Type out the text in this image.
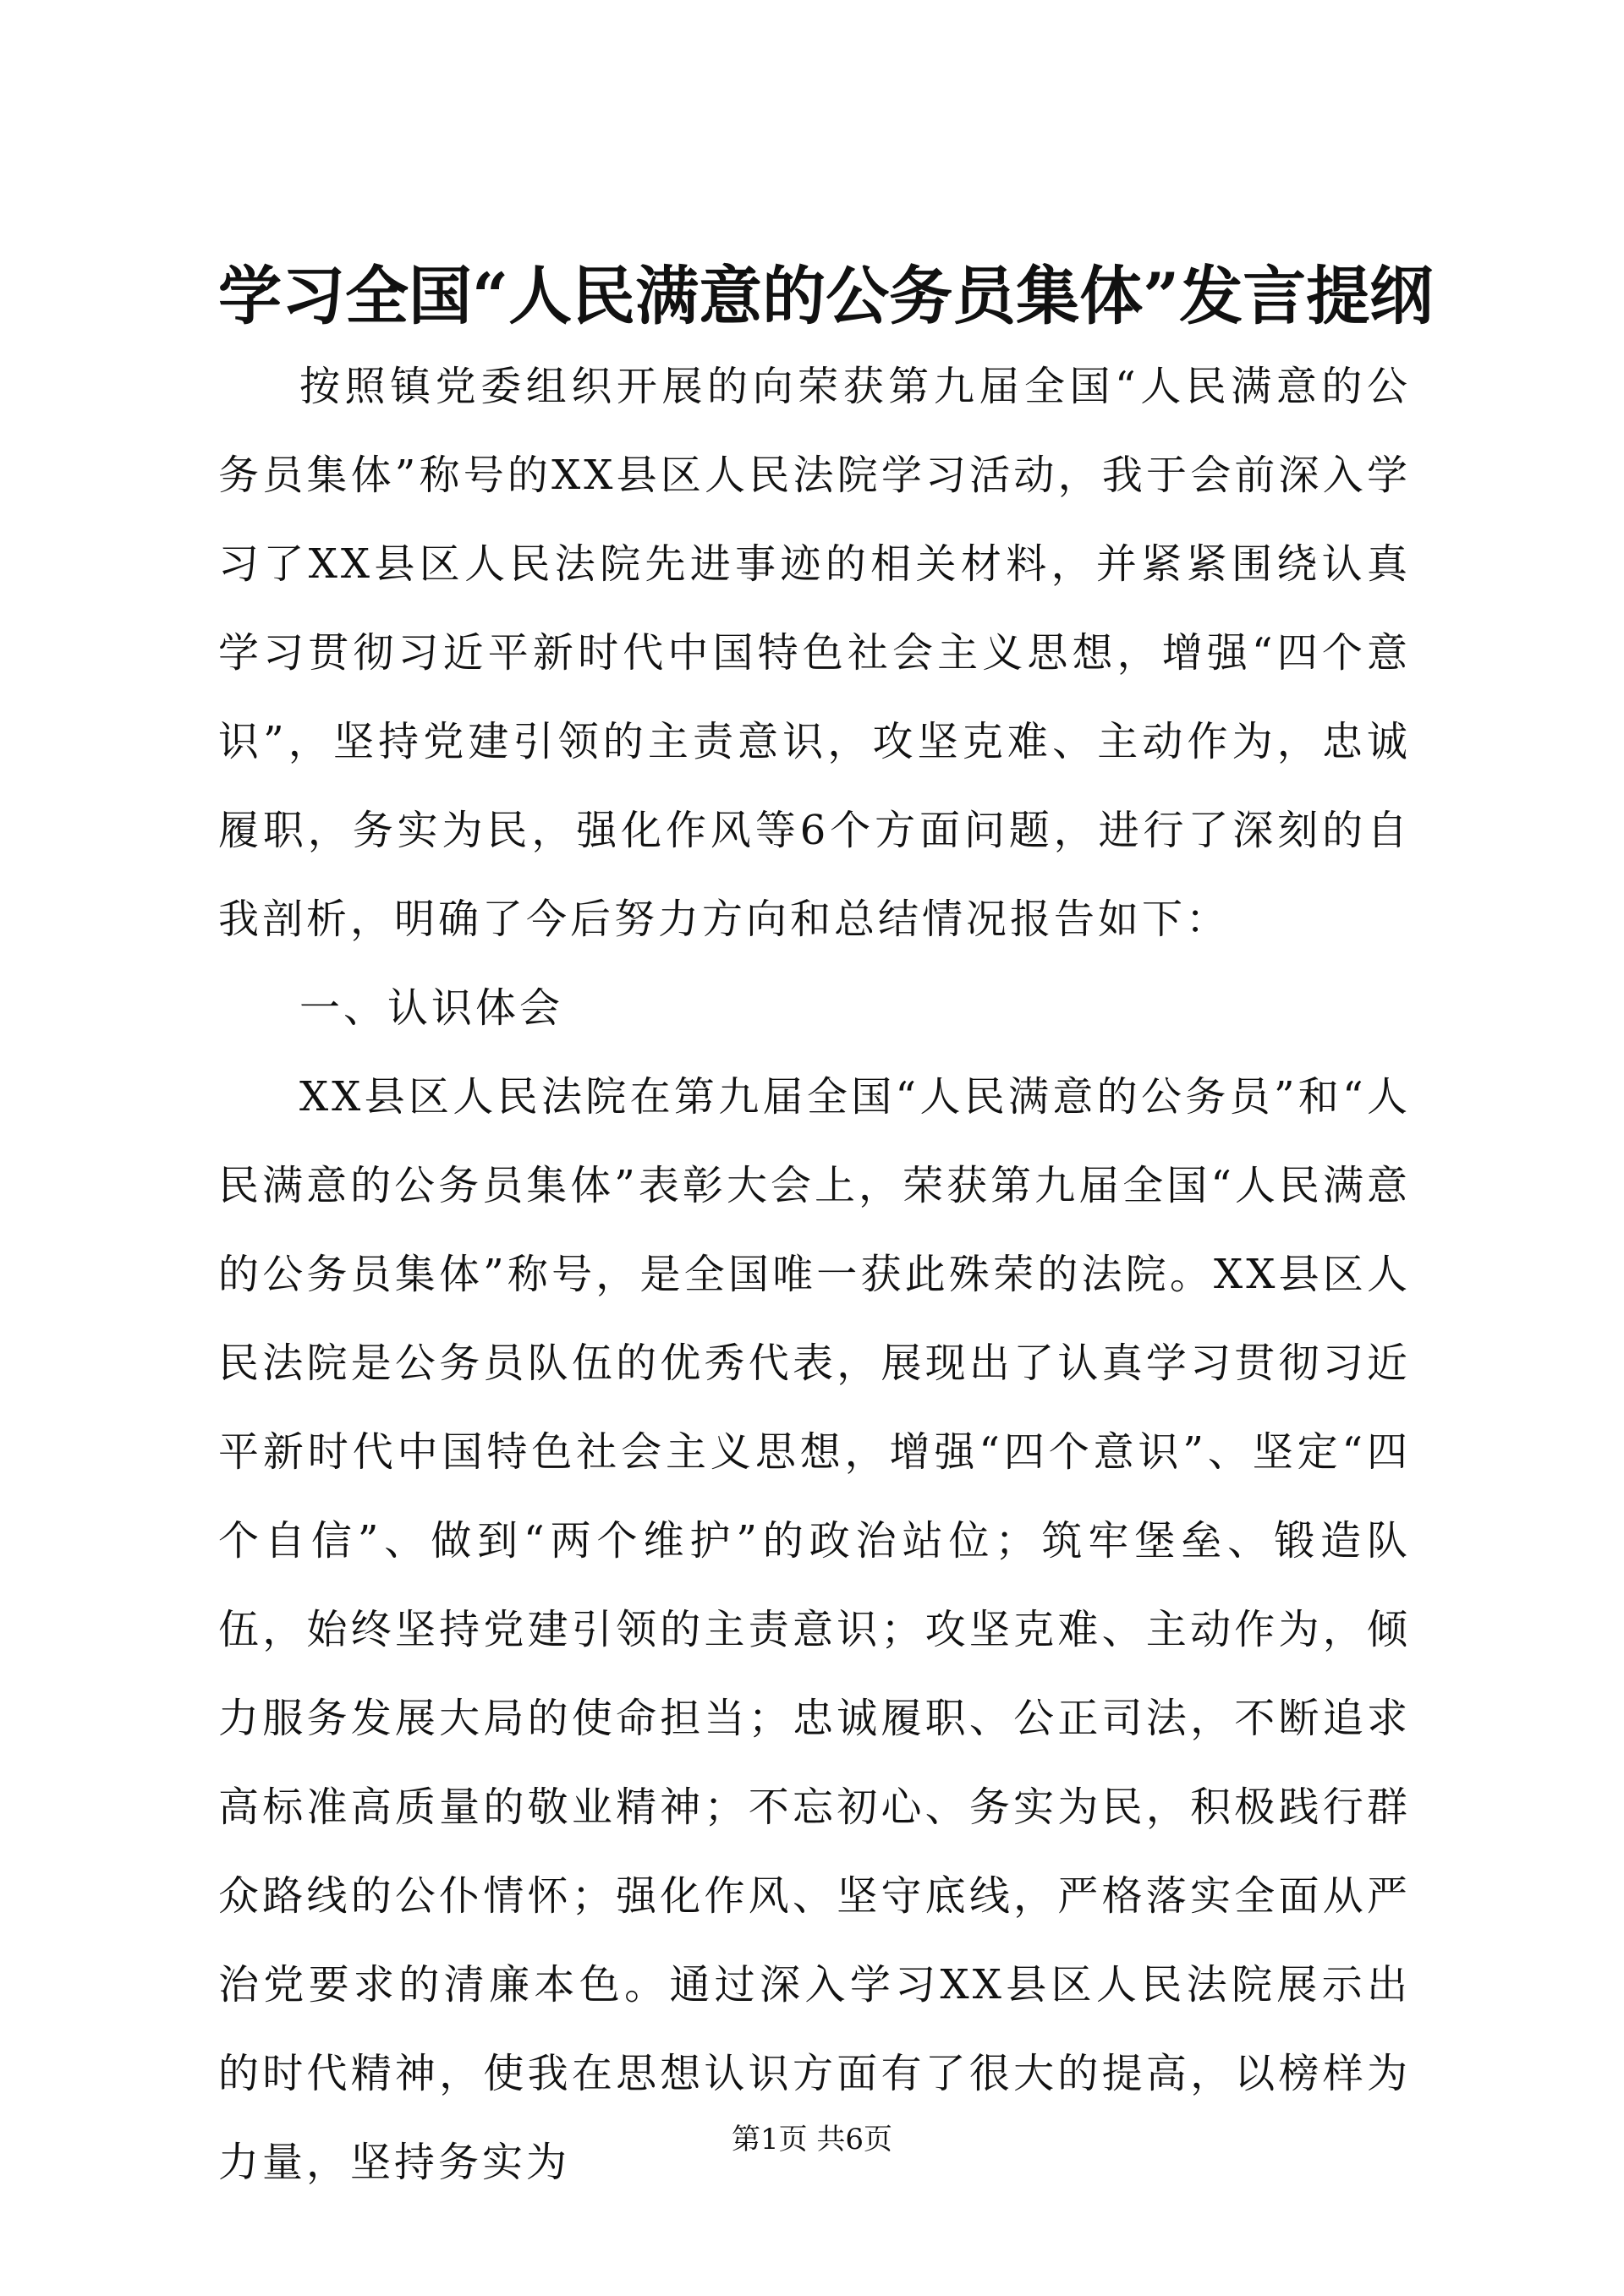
学习全国“人民满意的公务员集体”发言提纲

按照镇党委组织开展的向荣获第九届全国“人民满意的公务员集体”称号的XX县区人民法院学习活动，我于会前深入学习了XX县区人民法院先进事迹的相关材料，并紧紧围绕认真学习贯彻习近平新时代中国特色社会主义思想，增强“四个意识”，坚持党建引领的主责意识，攻坚克难、主动作为，忠诚履职，务实为民，强化作风等6个方面问题，进行了深刻的自我剖析，明确了今后努力方向和总结情况报告如下：

一、认识体会

XX县区人民法院在第九届全国“人民满意的公务员”和“人民满意的公务员集体”表彰大会上，荣获第九届全国“人民满意的公务员集体”称号，是全国唯一获此殊荣的法院。XX县区人民法院是公务员队伍的优秀代表，展现出了认真学习贯彻习近平新时代中国特色社会主义思想，增强“四个意识”、坚定“四个自信”、做到“两个维护”的政治站位；筑牢堡垒、锻造队伍，始终坚持党建引领的主责意识；攻坚克难、主动作为，倾力服务发展大局的使命担当；忠诚履职、公正司法，不断追求高标准高质量的敬业精神；不忘初心、务实为民，积极践行群众路线的公仆情怀；强化作风、坚守底线，严格落实全面从严治党要求的清廉本色。通过深入学习XX县区人民法院展示出的时代精神，使我在思想认识方面有了很大的提高，以榜样为力量，坚持务实为	第1页 共6页
